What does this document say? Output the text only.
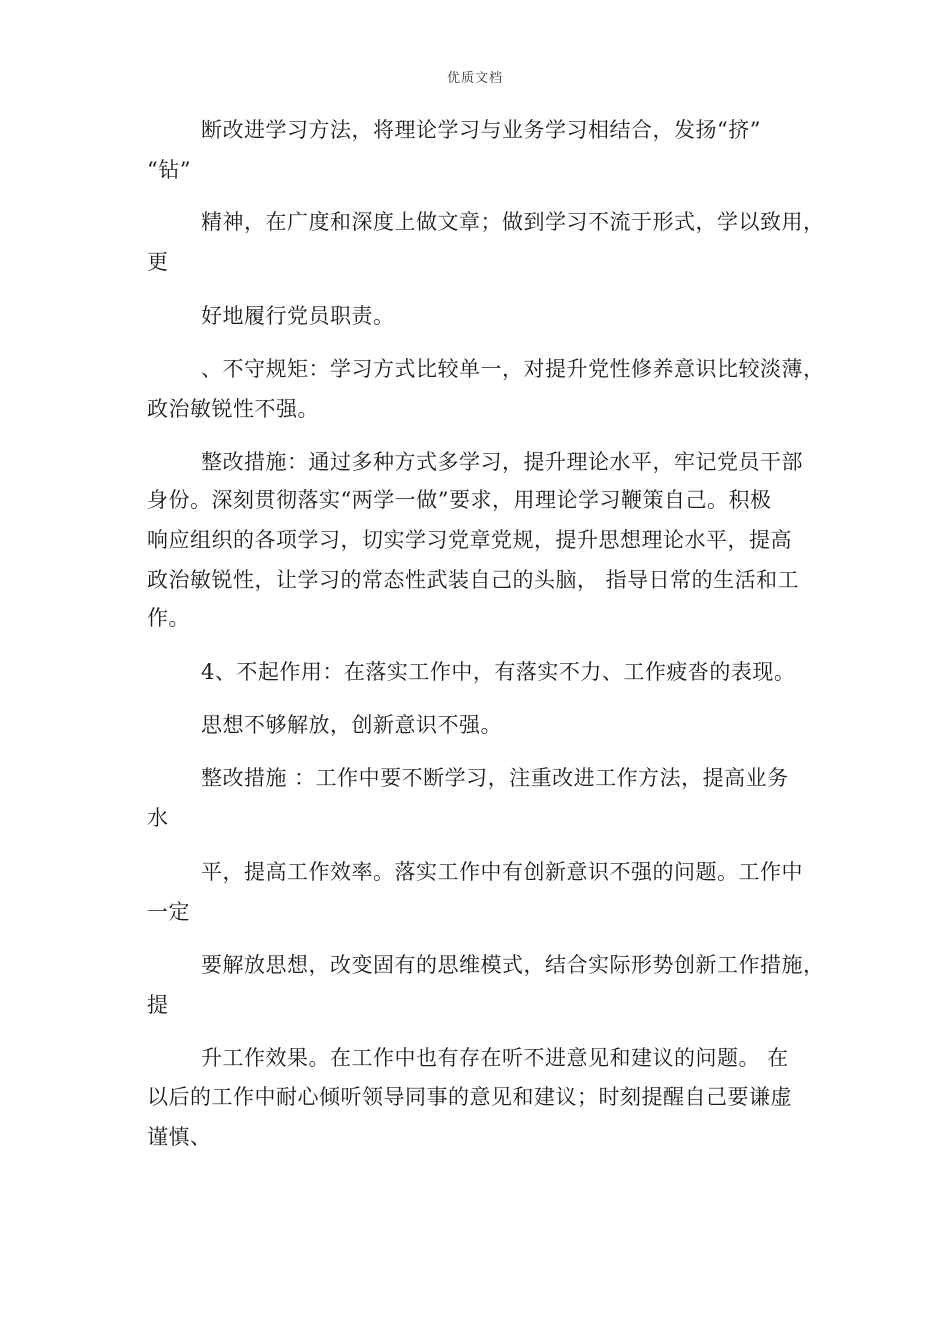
优质文档
断改进学习方法，将理论学习与业务学习相结合，发扬“挤”
“钻”
精神，在广度和深度上做文章；做到学习不流于形式，学以致用，
更
好地履行党员职责。
、不守规矩：学习方式比较单一，对提升党性修养意识比较淡薄，
政治敏锐性不强。
整改措施：通过多种方式多学习，提升理论水平，牢记党员干部
身份。深刻贯彻落实“两学一做”要求，用理论学习鞭策自己。积极
响应组织的各项学习，切实学习党章党规，提升思想理论水平，提高
政治敏锐性，让学习的常态性武装自己的头脑， 指导日常的生活和工
作。
4、不起作用：在落实工作中，有落实不力、工作疲沓的表现。
思想不够解放，创新意识不强。
整改措施 ：工作中要不断学习，注重改进工作方法，提高业务
水
平，提高工作效率。落实工作中有创新意识不强的问题。工作中
一定
要解放思想，改变固有的思维模式，结合实际形势创新工作措施，
提
升工作效果。在工作中也有存在听不进意见和建议的问题。 在
以后的工作中耐心倾听领导同事的意见和建议；时刻提醒自己要谦虚
谨慎、
